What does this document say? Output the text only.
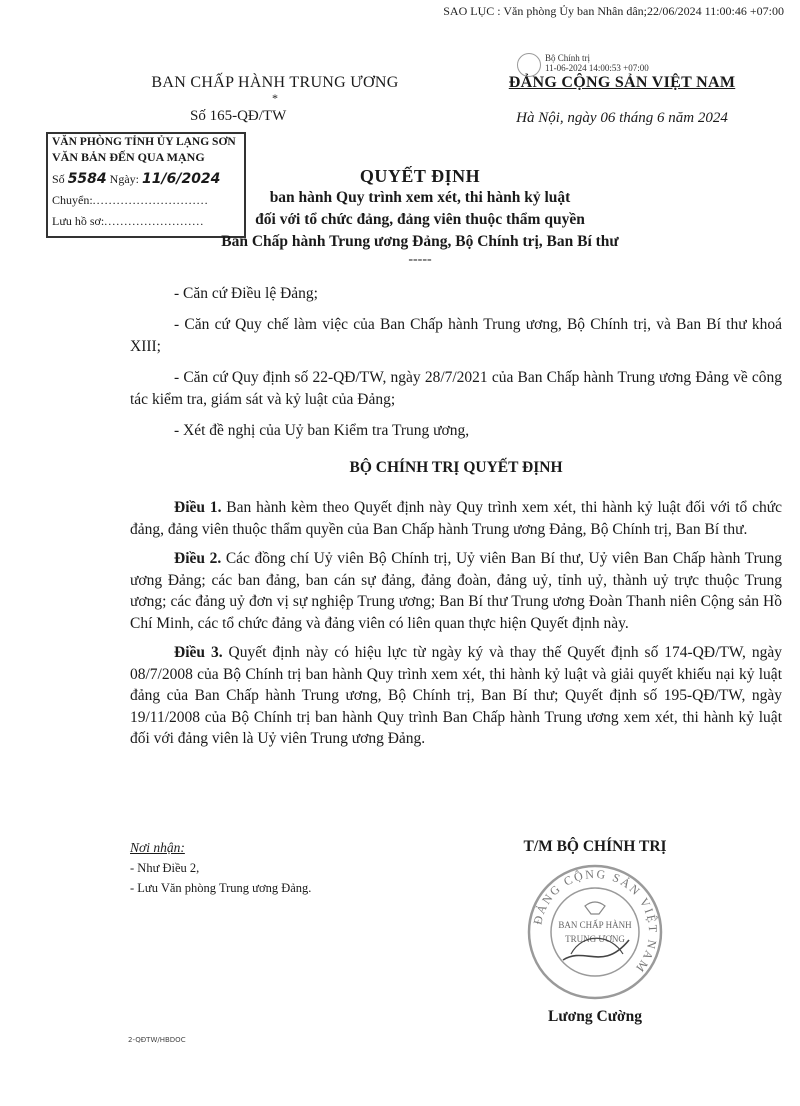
SAO LỤC : Văn phòng Ủy ban Nhân dân;22/06/2024 11:00:46 +07:00
Bộ Chính trị
11-06-2024 14:00:53 +07:00
BAN CHẤP HÀNH TRUNG ƯƠNG
*
Số 165-QĐ/TW
ĐẢNG CỘNG SẢN VIỆT NAM
Hà Nội, ngày 06 tháng 6 năm 2024
VĂN PHÒNG TỈNH ỦY LẠNG SƠN
VĂN BẢN ĐẾN QUA MẠNG
Số 5584 Ngày: 11/6/2024
Chuyển:.............................
Lưu hồ sơ:.........................
QUYẾT ĐỊNH
ban hành Quy trình xem xét, thi hành kỷ luật
đối với tổ chức đảng, đảng viên thuộc thẩm quyền
Ban Chấp hành Trung ương Đảng, Bộ Chính trị, Ban Bí thư
-----

- Căn cứ Điều lệ Đảng;

- Căn cứ Quy chế làm việc của Ban Chấp hành Trung ương, Bộ Chính trị, và Ban Bí thư khoá XIII;

- Căn cứ Quy định số 22-QĐ/TW, ngày 28/7/2021 của Ban Chấp hành Trung ương Đảng về công tác kiểm tra, giám sát và kỷ luật của Đảng;

- Xét đề nghị của Uỷ ban Kiểm tra Trung ương,

BỘ CHÍNH TRỊ QUYẾT ĐỊNH

Điều 1. Ban hành kèm theo Quyết định này Quy trình xem xét, thi hành kỷ luật đối với tổ chức đảng, đảng viên thuộc thẩm quyền của Ban Chấp hành Trung ương Đảng, Bộ Chính trị, Ban Bí thư.

Điều 2. Các đồng chí Uỷ viên Bộ Chính trị, Uỷ viên Ban Bí thư, Uỷ viên Ban Chấp hành Trung ương Đảng; các ban đảng, ban cán sự đảng, đảng đoàn, đảng uỷ, tỉnh uỷ, thành uỷ trực thuộc Trung ương; các đảng uỷ đơn vị sự nghiệp Trung ương; Ban Bí thư Trung ương Đoàn Thanh niên Cộng sản Hồ Chí Minh, các tổ chức đảng và đảng viên có liên quan thực hiện Quyết định này.

Điều 3. Quyết định này có hiệu lực từ ngày ký và thay thế Quyết định số 174-QĐ/TW, ngày 08/7/2008 của Bộ Chính trị ban hành Quy trình xem xét, thi hành kỷ luật và giải quyết khiếu nại kỷ luật đảng của Ban Chấp hành Trung ương, Bộ Chính trị, Ban Bí thư; Quyết định số 195-QĐ/TW, ngày 19/11/2008 của Bộ Chính trị ban hành Quy trình Ban Chấp hành Trung ương xem xét, thi hành kỷ luật đối với đảng viên là Uỷ viên Trung ương Đảng.

Nơi nhận:
- Như Điều 2,
- Lưu Văn phòng Trung ương Đảng.
T/M BỘ CHÍNH TRỊ
ĐẢNG CỘNG SẢN VIỆT NAM
BAN CHẤP HÀNH
TRUNG ƯƠNG
Lương Cường
2-QĐTW/HBDOC
